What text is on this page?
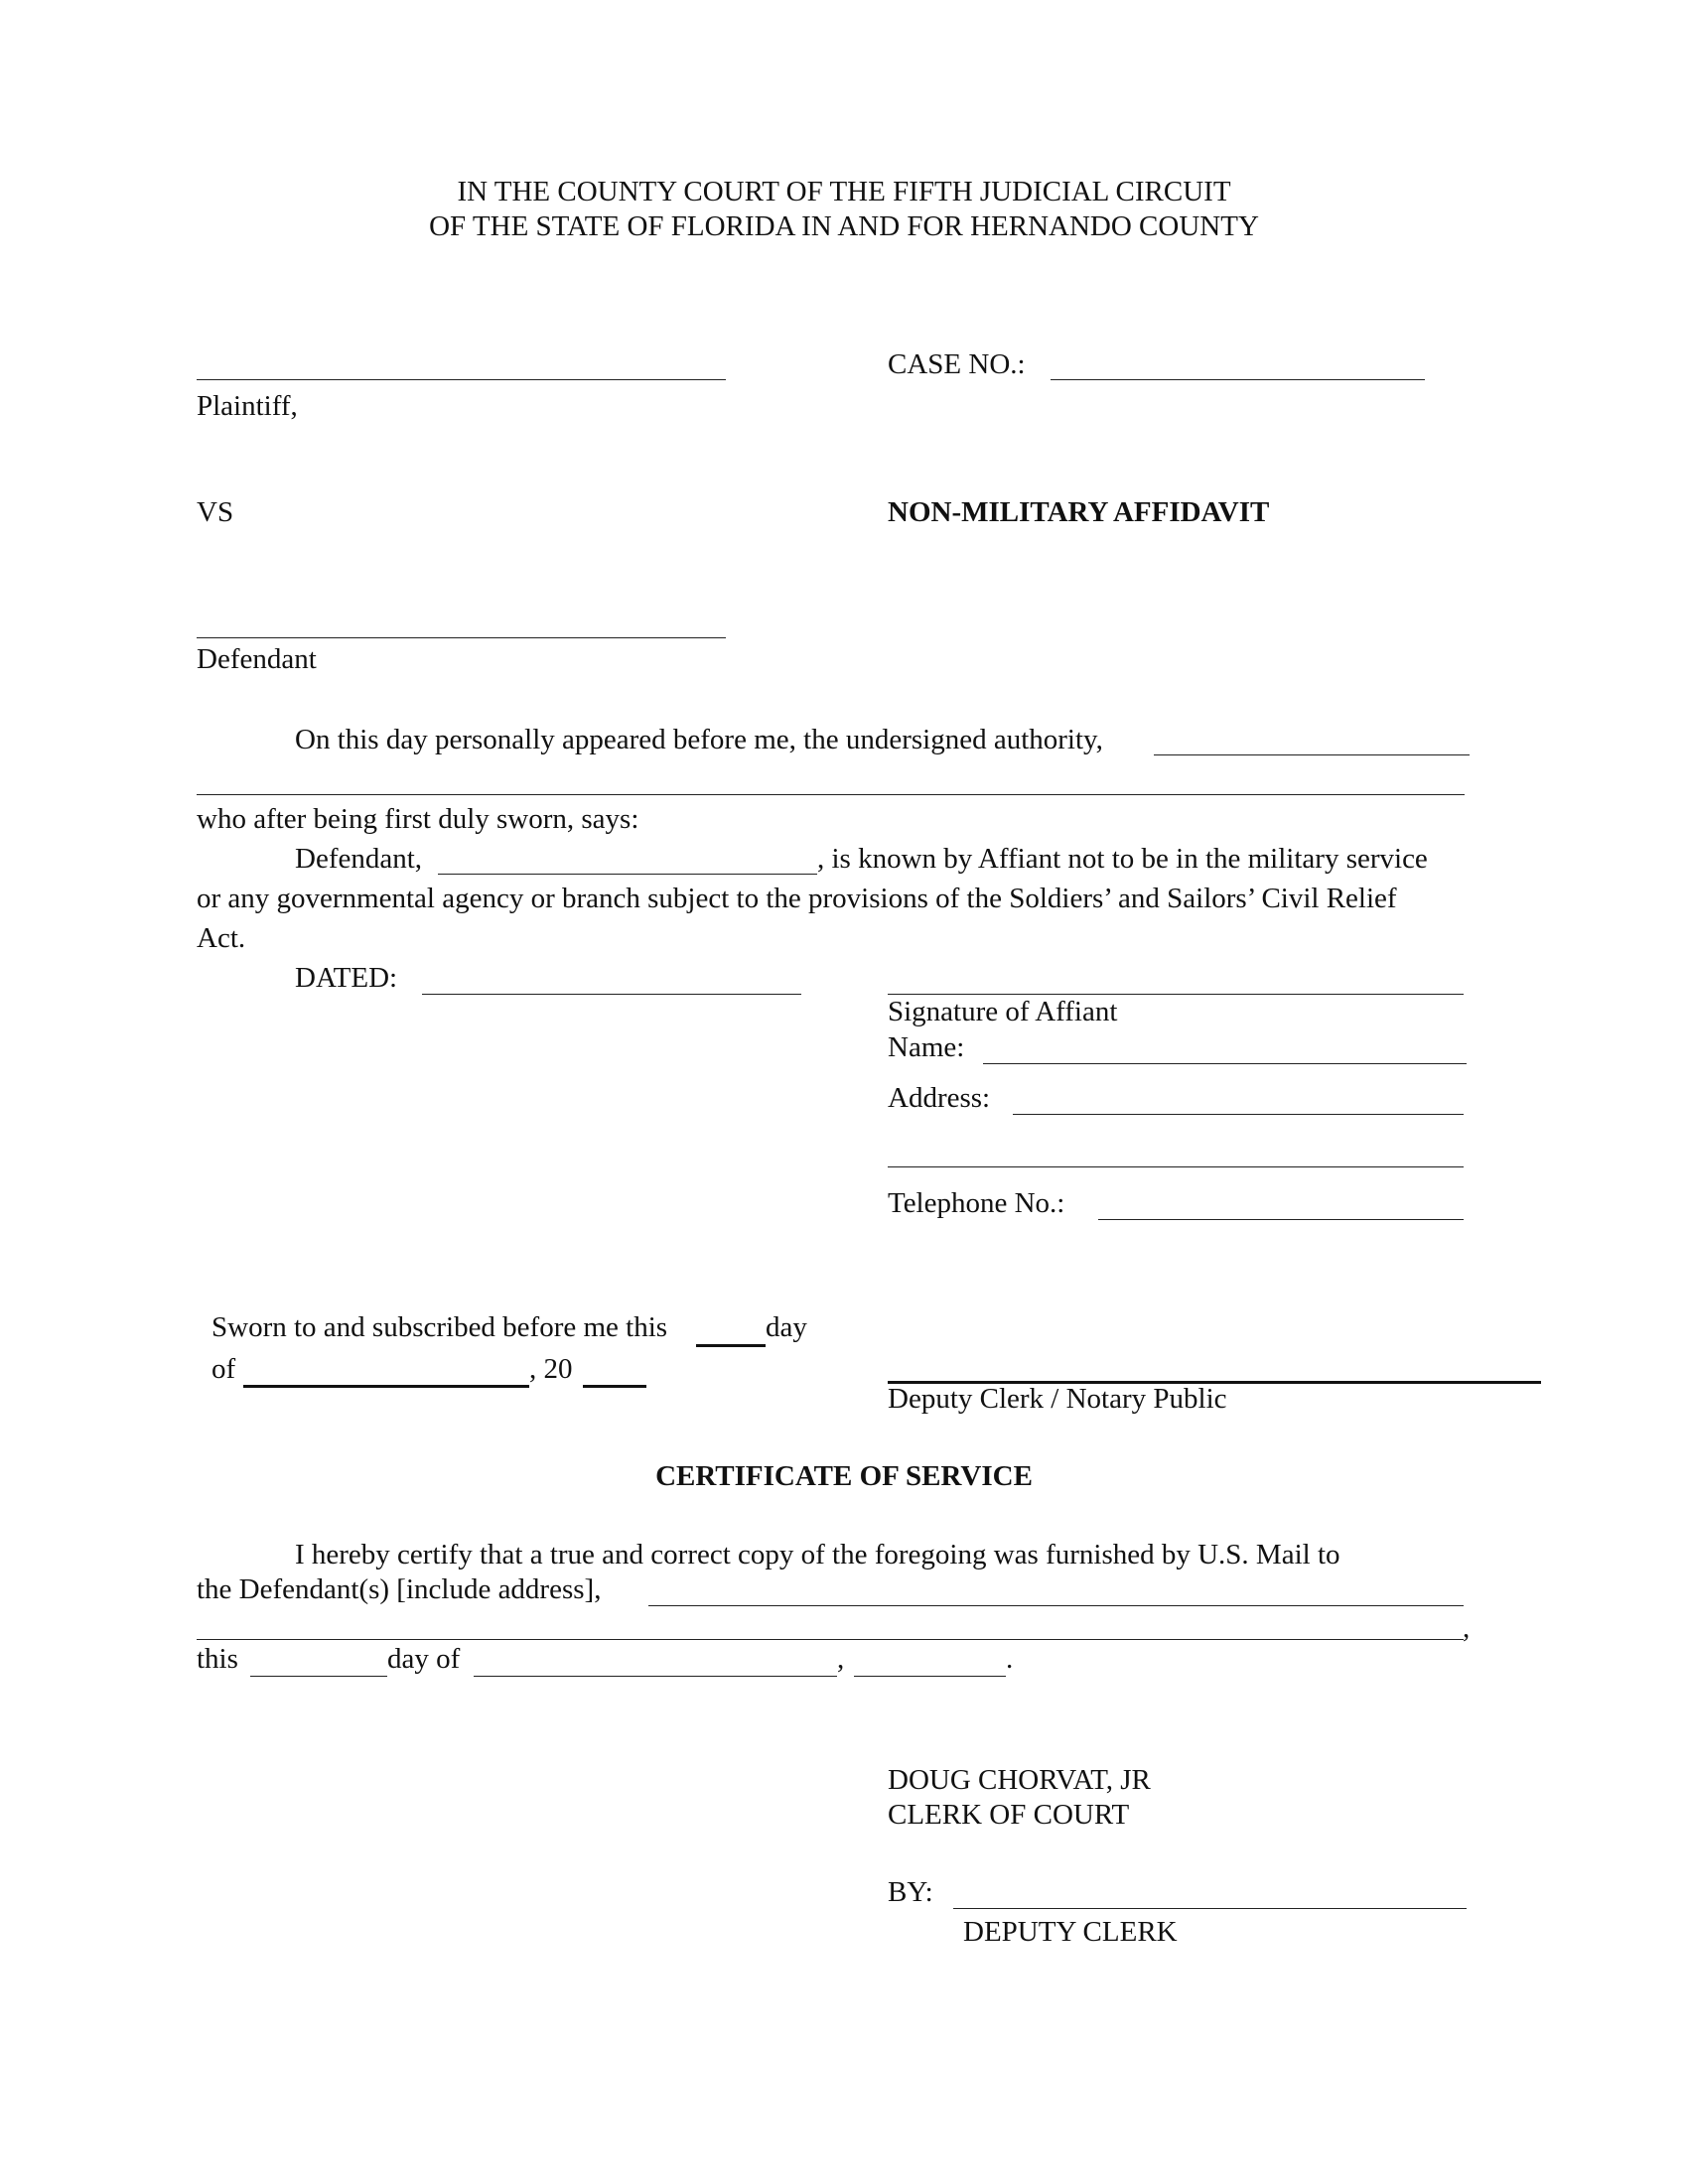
IN THE COUNTY COURT OF THE FIFTH JUDICIAL CIRCUIT
OF THE STATE OF FLORIDA IN AND FOR HERNANDO COUNTY
Plaintiff,
CASE NO.:
VS	NON-MILITARY AFFIDAVIT
Defendant
On this day personally appeared before me, the undersigned authority,
who after being first duly sworn, says:
Defendant,	, is known by Affiant not to be in the military service
or any governmental agency or branch subject to the provisions of the Soldiers’ and Sailors’ Civil Relief
Act.
DATED:
Signature of Affiant
Name:
Address:
Telephone No.:
Sworn to and subscribed before me this	day
of	, 20
Deputy Clerk / Notary Public
CERTIFICATE OF SERVICE
I hereby certify that a true and correct copy of the foregoing was furnished by U.S. Mail to
the Defendant(s) [include address],
,
this	day of	,	.
DOUG CHORVAT, JR
CLERK OF COURT
BY:
DEPUTY CLERK
